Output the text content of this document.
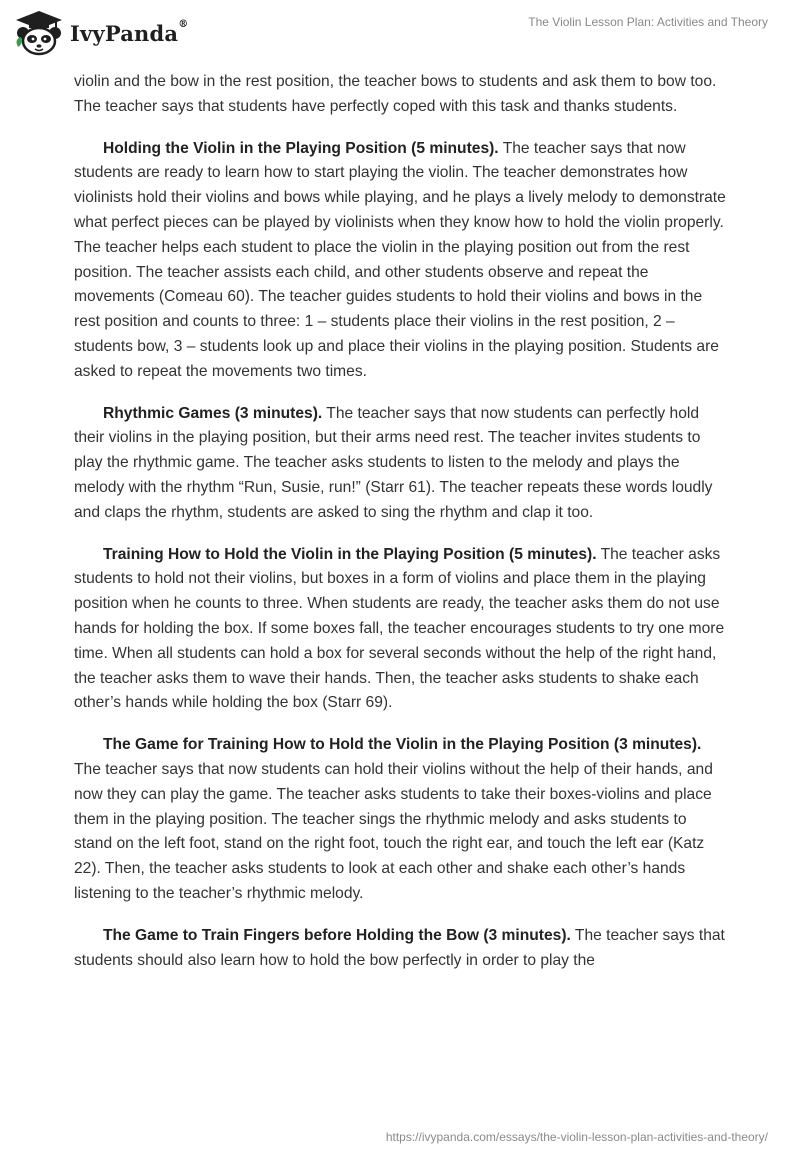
IvyPanda®	The Violin Lesson Plan: Activities and Theory

violin and the bow in the rest position, the teacher bows to students and ask them to bow too. The teacher says that students have perfectly coped with this task and thanks students.

Holding the Violin in the Playing Position (5 minutes). The teacher says that now students are ready to learn how to start playing the violin. The teacher demonstrates how violinists hold their violins and bows while playing, and he plays a lively melody to demonstrate what perfect pieces can be played by violinists when they know how to hold the violin properly. The teacher helps each student to place the violin in the playing position out from the rest position. The teacher assists each child, and other students observe and repeat the movements (Comeau 60). The teacher guides students to hold their violins and bows in the rest position and counts to three: 1 – students place their violins in the rest position, 2 – students bow, 3 – students look up and place their violins in the playing position. Students are asked to repeat the movements two times.

Rhythmic Games (3 minutes). The teacher says that now students can perfectly hold their violins in the playing position, but their arms need rest. The teacher invites students to play the rhythmic game. The teacher asks students to listen to the melody and plays the melody with the rhythm “Run, Susie, run!” (Starr 61). The teacher repeats these words loudly and claps the rhythm, students are asked to sing the rhythm and clap it too.

Training How to Hold the Violin in the Playing Position (5 minutes). The teacher asks students to hold not their violins, but boxes in a form of violins and place them in the playing position when he counts to three. When students are ready, the teacher asks them do not use hands for holding the box. If some boxes fall, the teacher encourages students to try one more time. When all students can hold a box for several seconds without the help of the right hand, the teacher asks them to wave their hands. Then, the teacher asks students to shake each other’s hands while holding the box (Starr 69).

The Game for Training How to Hold the Violin in the Playing Position (3 minutes). The teacher says that now students can hold their violins without the help of their hands, and now they can play the game. The teacher asks students to take their boxes-violins and place them in the playing position. The teacher sings the rhythmic melody and asks students to stand on the left foot, stand on the right foot, touch the right ear, and touch the left ear (Katz 22). Then, the teacher asks students to look at each other and shake each other’s hands listening to the teacher’s rhythmic melody.

The Game to Train Fingers before Holding the Bow (3 minutes). The teacher says that students should also learn how to hold the bow perfectly in order to play the

https://ivypanda.com/essays/the-violin-lesson-plan-activities-and-theory/
